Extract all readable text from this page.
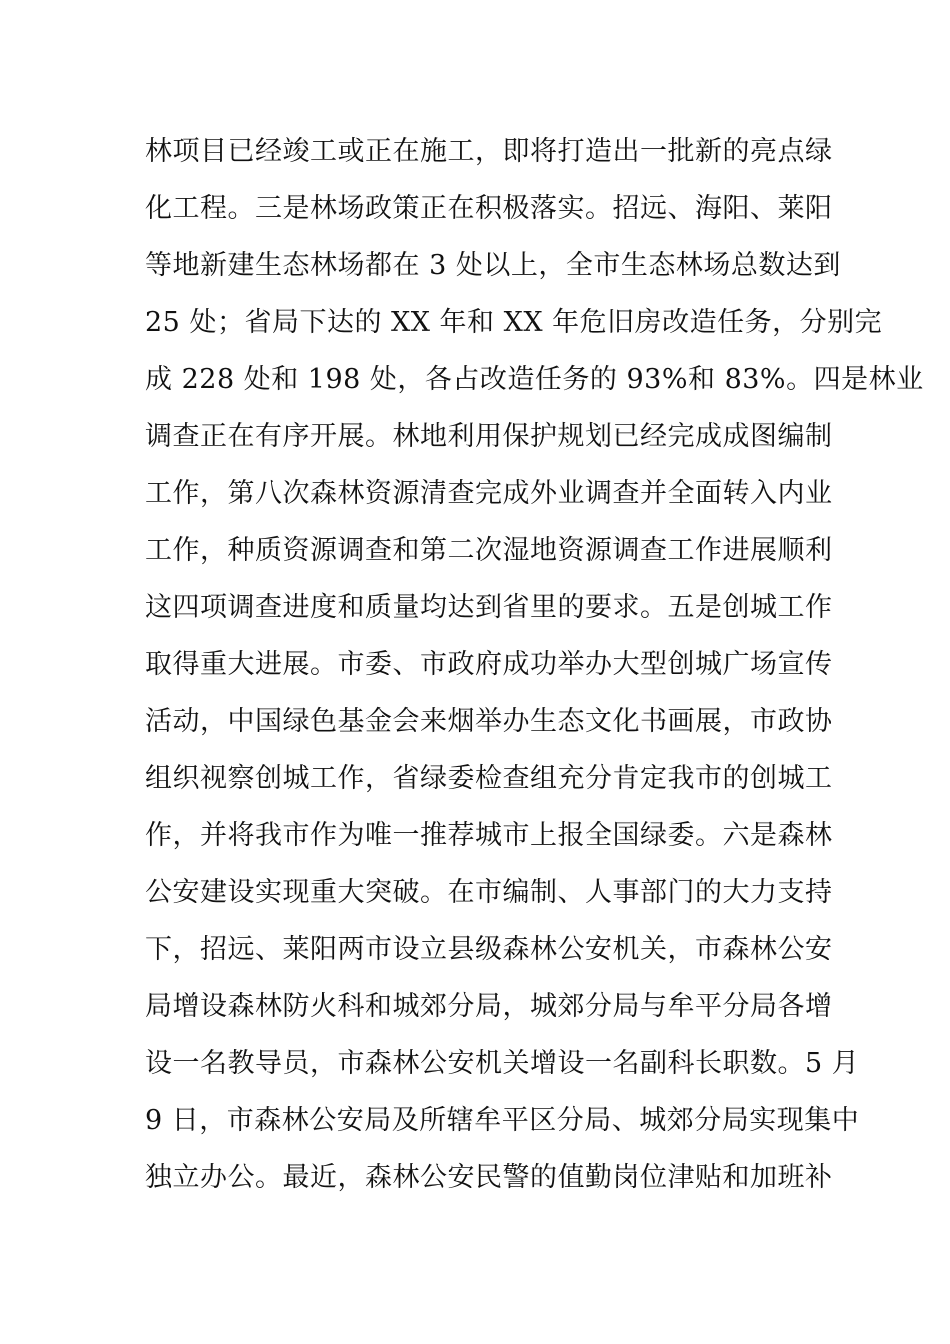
林项目已经竣工或正在施工，即将打造出一批新的亮点绿
化工程。三是林场政策正在积极落实。招远、海阳、莱阳
等地新建生态林场都在 3 处以上，全市生态林场总数达到
25 处；省局下达的 XX 年和 XX 年危旧房改造任务，分别完
成 228 处和 198 处，各占改造任务的 93%和 83%。四是林业
调查正在有序开展。林地利用保护规划已经完成成图编制
工作，第八次森林资源清查完成外业调查并全面转入内业
工作，种质资源调查和第二次湿地资源调查工作进展顺利
这四项调查进度和质量均达到省里的要求。五是创城工作
取得重大进展。市委、市政府成功举办大型创城广场宣传
活动，中国绿色基金会来烟举办生态文化书画展，市政协
组织视察创城工作，省绿委检查组充分肯定我市的创城工
作，并将我市作为唯一推荐城市上报全国绿委。六是森林
公安建设实现重大突破。在市编制、人事部门的大力支持
下，招远、莱阳两市设立县级森林公安机关，市森林公安
局增设森林防火科和城郊分局，城郊分局与牟平分局各增
设一名教导员，市森林公安机关增设一名副科长职数。5 月
9 日，市森林公安局及所辖牟平区分局、城郊分局实现集中
独立办公。最近，森林公安民警的值勤岗位津贴和加班补
